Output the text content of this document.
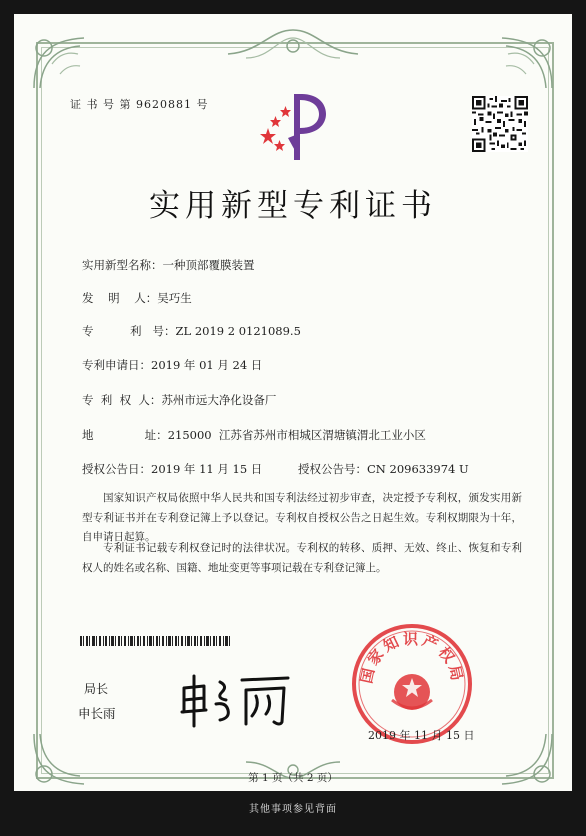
证 书 号 第 9620881 号
实用新型专利证书
实用新型名称：一种顶部覆膜装置
发    明    人：吴巧生
专          利   号：ZL 2019 2 0121089.5
专利申请日：2019 年 01 月 24 日
专  利  权  人：苏州市远大净化设备厂
地              址：215000  江苏省苏州市相城区渭塘镇渭北工业小区
授权公告日：2019 年 11 月 15 日	授权公告号：CN 209633974 U
国家知识产权局依照中华人民共和国专利法经过初步审查，决定授予专利权，颁发实用新型专利证书并在专利登记簿上予以登记。专利权自授权公告之日起生效。专利权期限为十年，自申请日起算。
专利证书记载专利权登记时的法律状况。专利权的转移、质押、无效、终止、恢复和专利权人的姓名或名称、国籍、地址变更等事项记载在专利登记簿上。
局长
申长雨
国家知识产权局
2019 年 11 月 15 日
第 1 页（共 2 页）
其他事项参见背面
